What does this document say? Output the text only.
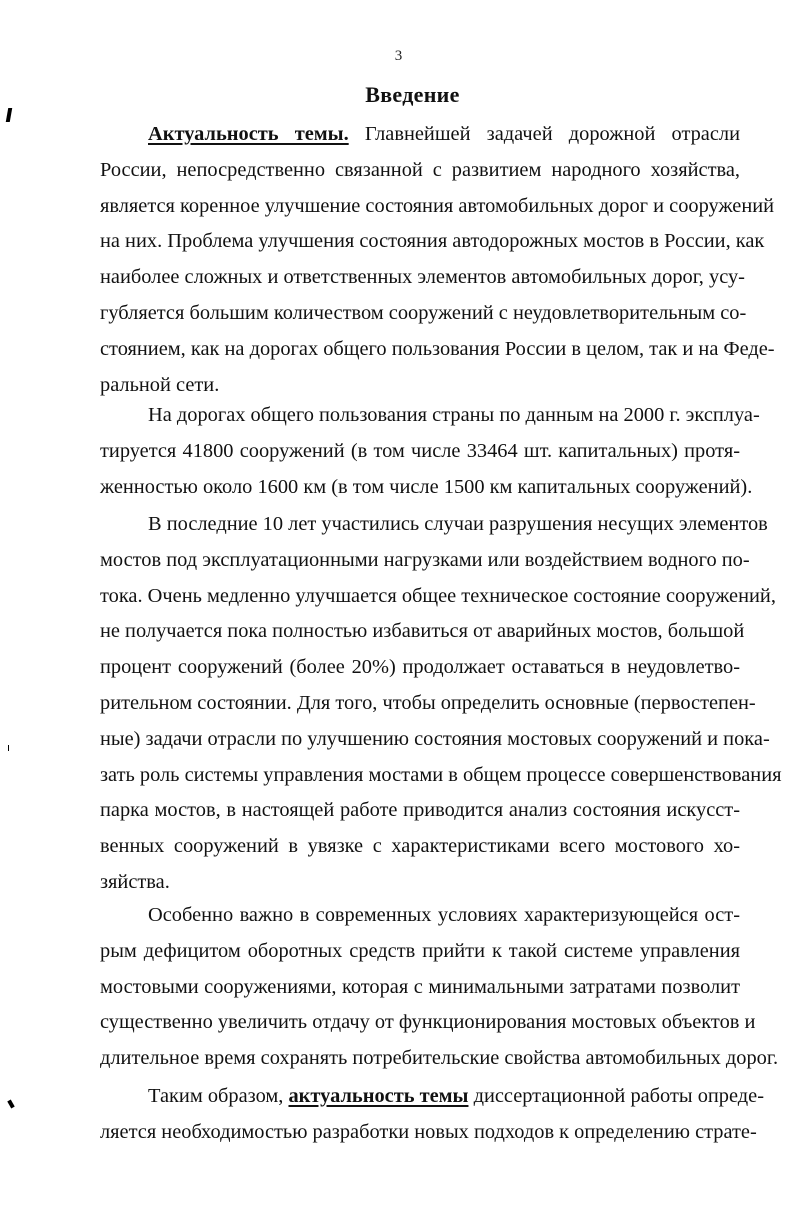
3
Введение
Актуальность темы. Главнейшей задачей дорожной отрасли
России, непосредственно связанной с развитием народного хозяйства,
является коренное улучшение состояния автомобильных дорог и сооружений
на них. Проблема улучшения состояния автодорожных мостов в России, как
наиболее сложных и ответственных элементов автомобильных дорог, усу-
губляется большим количеством сооружений с неудовлетворительным со-
стоянием, как на дорогах общего пользования России в целом, так и на Феде-
ральной сети.
На дорогах общего пользования страны по данным на 2000 г. эксплуа-
тируется 41800 сооружений (в том числе 33464 шт. капитальных) протя-
женностью около 1600 км (в том числе 1500 км капитальных сооружений).
В последние 10 лет участились случаи разрушения несущих элементов
мостов под эксплуатационными нагрузками или воздействием водного по-
тока. Очень медленно улучшается общее техническое состояние сооружений,
не получается пока полностью избавиться от аварийных мостов, большой
процент сооружений (более 20%) продолжает оставаться в неудовлетво-
рительном состоянии. Для того, чтобы определить основные (первостепен-
ные) задачи отрасли по улучшению состояния мостовых сооружений и пока-
зать роль системы управления мостами в общем процессе совершенствования
парка мостов, в настоящей работе приводится анализ состояния искусст-
венных сооружений в увязке с характеристиками всего мостового хо-
зяйства.
Особенно важно в современных условиях характеризующейся ост-
рым дефицитом оборотных средств прийти к такой системе управления
мостовыми сооружениями, которая с минимальными затратами позволит
существенно увеличить отдачу от функционирования мостовых объектов и
длительное время сохранять потребительские свойства автомобильных дорог.
Таким образом, актуальность темы диссертационной работы опреде-
ляется необходимостью разработки новых подходов к определению страте-
